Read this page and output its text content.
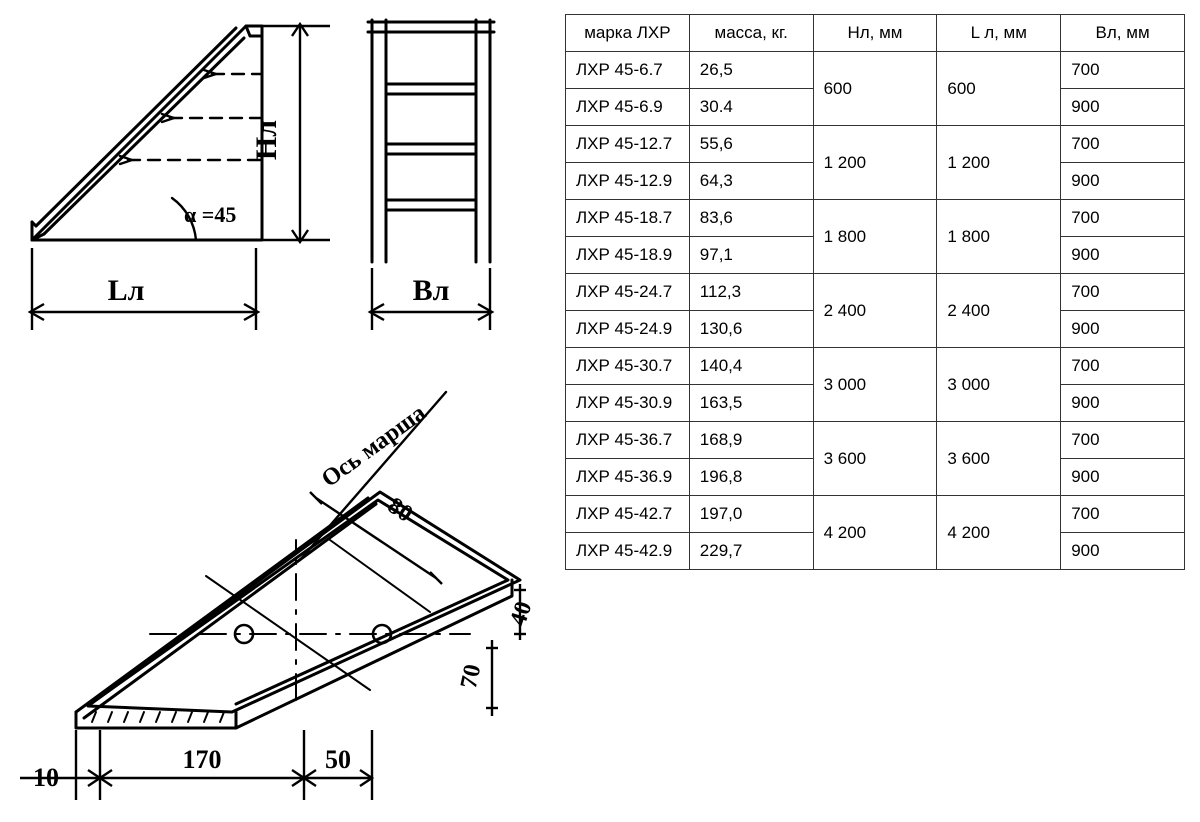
Hл
α =45
Lл	Bл
Ось марша
80
40
70
10
170	50
марка ЛХР	масса, кг.	Нл, мм	L л, мм	Вл, мм
ЛХР 45-6.7	26,5	600	600	700
ЛХР 45-6.9	30.4			900
ЛХР 45-12.7	55,6	1 200	1 200	700
ЛХР 45-12.9	64,3			900
ЛХР 45-18.7	83,6	1 800	1 800	700
ЛХР 45-18.9	97,1			900
ЛХР 45-24.7	112,3	2 400	2 400	700
ЛХР 45-24.9	130,6			900
ЛХР 45-30.7	140,4	3 000	3 000	700
ЛХР 45-30.9	163,5			900
ЛХР 45-36.7	168,9	3 600	3 600	700
ЛХР 45-36.9	196,8			900
ЛХР 45-42.7	197,0	4 200	4 200	700
ЛХР 45-42.9	229,7			900
